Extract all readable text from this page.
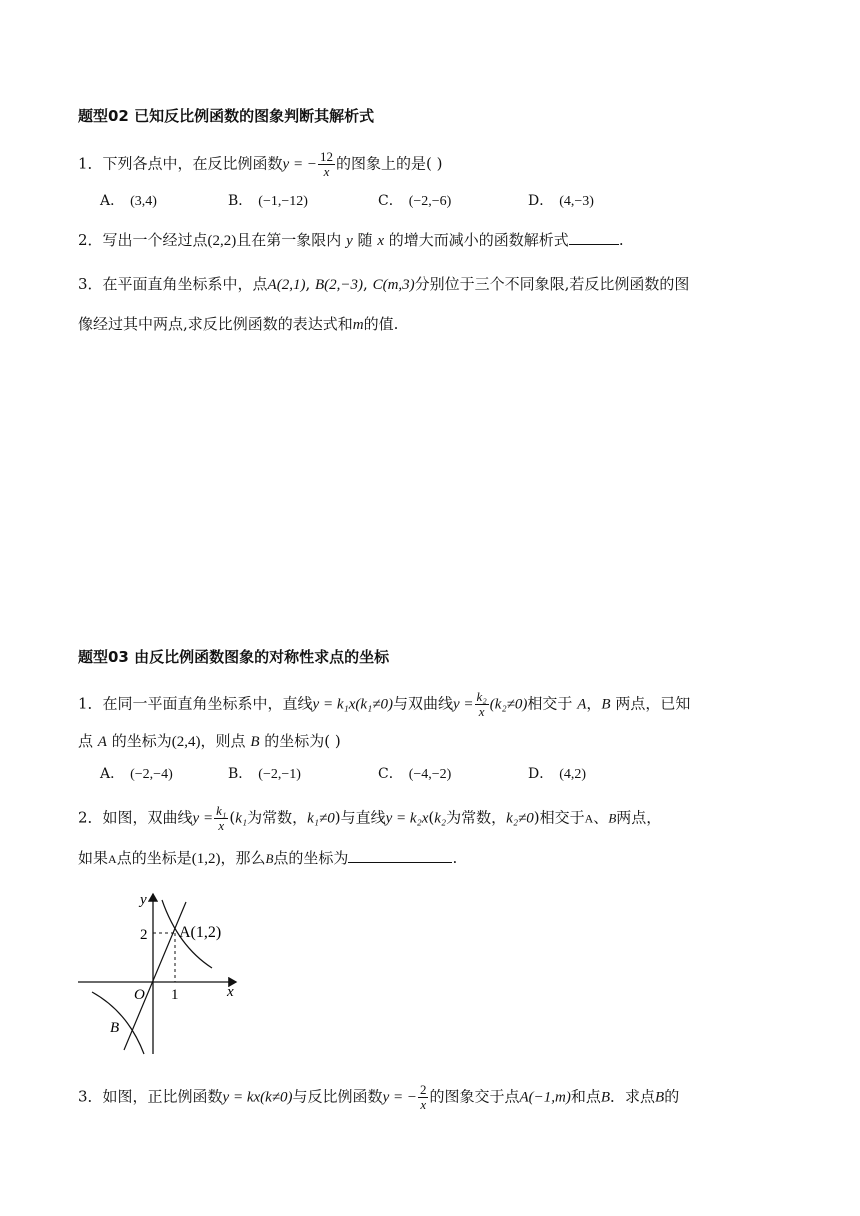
题型02 已知反比例函数的图象判断其解析式
1．下列各点中，在反比例函数y = − $\frac{12}{x}$ 的图象上的是( )
A． (3,4)	B． (−1,−12)	C． (−2,−6)	D． (4,−3)
2．写出一个经过点(2,2)且在第一象限内 y 随 x 的增大而减小的函数解析式	.
3．在平面直角坐标系中，点A(2,1), B(2,−3), C(m,3)分别位于三个不同象限,若反比例函数的图
像经过其中两点,求反比例函数的表达式和m的值.
题型03 由反比例函数图象的对称性求点的坐标
1．在同一平面直角坐标系中，直线y = k₁x(k₁≠0)与双曲线$y = \frac{\text{k₂}}{x} (k_2\ne 0)$相交于 A，B 两点，已知
点 A 的坐标为(2,4)，则点 B 的坐标为( )
A． (−2,−4)	B． (−2,−1)	C． (−4,−2)	D． (4,2)
2．如图，双曲线$y = \frac{\text{k₁}}{x} (k_1$为常数，k₁≠0)与直线y = k₂x(k₂为常数，k₂≠0)相交于A、B两点，
如果A点的坐标是(1,2)，那么B点的坐标为	.
y
x
O
2
1
A(1,2)
B
3．如图，正比例函数y = kx(k≠0)与反比例函数y = − $\frac{2}{x}$ 的图象交于点A(−1,m)和点B．求点B的
